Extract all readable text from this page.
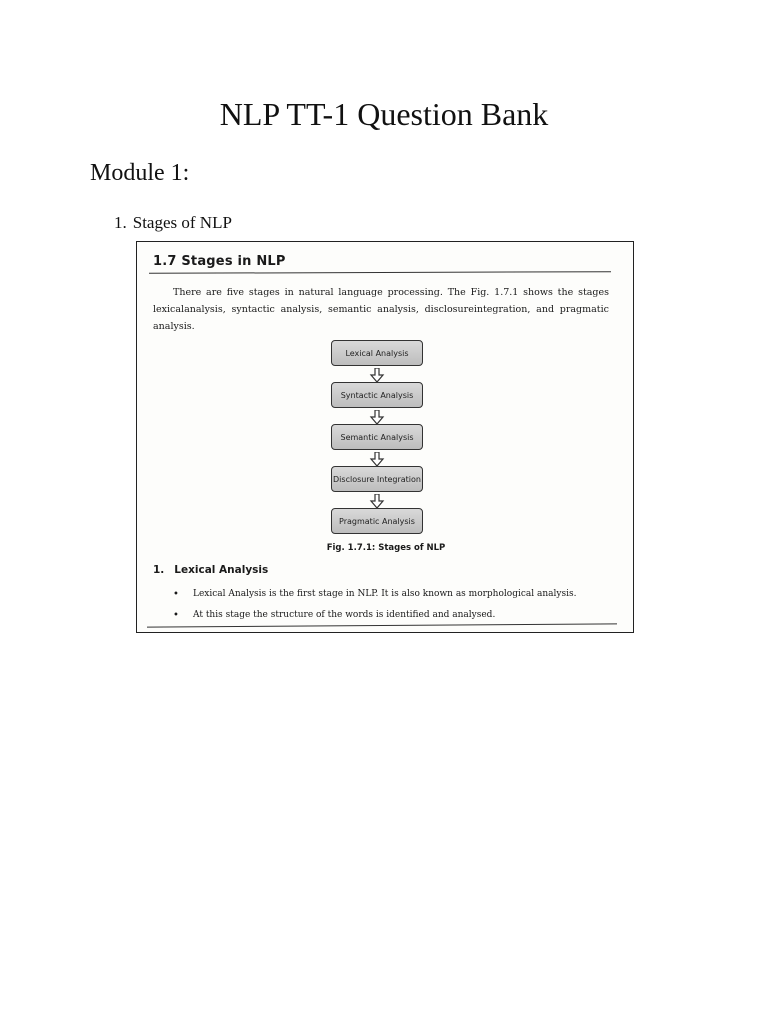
NLP TT-1 Question Bank
Module 1:

1. Stages of NLP

1.7 Stages in NLP

There are five stages in natural language processing. The Fig. 1.7.1 shows the stages lexicalanalysis, syntactic analysis, semantic analysis, disclosureintegration, and pragmatic analysis.

Lexical Analysis
Syntactic Analysis
Semantic Analysis
Disclosure Integration
Pragmatic Analysis

Fig. 1.7.1: Stages of NLP

1. Lexical Analysis

• Lexical Analysis is the first stage in NLP. It is also known as morphological analysis.
• At this stage the structure of the words is identified and analysed.
